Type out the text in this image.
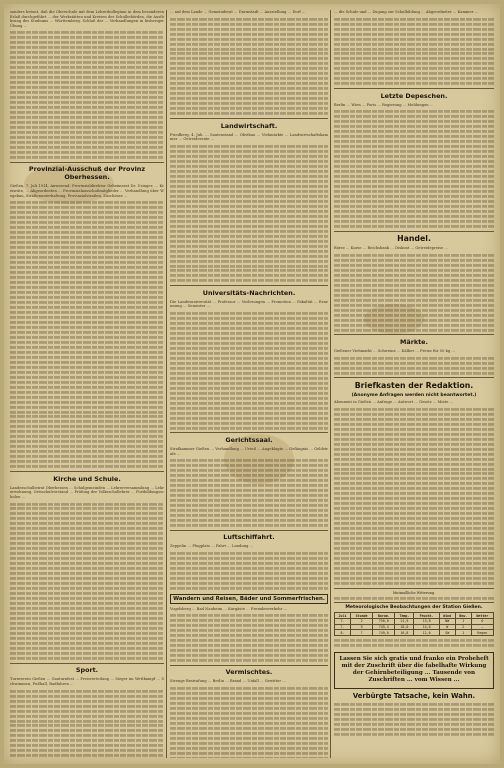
sonders betont, daß die Oberschule mit dem Lehrerkollegium in dem besonderen Erlaß durchgeführt ... der Werkstätten und Kreisen der Schulbehörden, die Ausführung des Studiums ... Württemberg. Schluß der ... Verhandlungen in bisheriger Übung ...

Provinzial-Ausschuß der Provinz Oberhessen.

Gießen, 7. Juli 1914. Anwesend: Provinzialdirektor Geheimerat Dr. Usinger, ... Kreisräte, ... Abgeordneten ... Provinzialausschußmitglieder ... Verhandlung über Wegebau, Straßenunterhaltung, Provinzialstraßen, Zuschüsse ...

Kirche und Schule.

Landesschulbeirat Oberhessen ... Schulgemeinden ... Lehrerversammlung ... Lehrerwohnung, Ortsschulvorstand ... Prüfung der Volksschullehrer ... Fortbildungsschulen ...

Sport.

Turnverein Gießen ... Gauturnfest ... Preisverteilung ... Sieger im Wettkampf ... Schwimmen, Fußball, Radfahren ...

... auf dem Lande ... Gemeinderat ... Darmstadt ... Ausstellung ... Dorf ...

Landwirtschaft.

Friedberg, 4. Juli. ... Saatenstand ... Obstbau ... Viehmärkte ... Landwirtschaftskammer ... Getreideernte ...

Universitäts-Nachrichten.

Die Landesuniversität ... Professor ... Vorlesungen ... Promotion ... Fakultät ... Ernennung ... Semester ...

Gerichtssaal.

Strafkammer Gießen ... Verhandlung ... Urteil ... Angeklagte ... Gefängnis ... Geldstrafe ...

Luftschiffahrt.

Zeppelin ... Flugplatz ... Fahrt ... Landung ...

Wandern und Reisen, Bäder und Sommerfrischen.

Vogelsberg ... Bad Nauheim ... Kurgäste ... Fremdenverkehr ...

Vermischtes.

Strenge Bestrafung ... Berlin ... Brand ... Unfall ... Gewitter ...

... die Schule und ... Zugang zur Schulbildung ... Abgeordneter ... Kammer ...

Letzte Depeschen.

Berlin ... Wien ... Paris ... Regierung ... Meldungen ...

Handel.

Börse ... Kurse ... Reichsbank ... Diskont ... Getreidepreise ...

Märkte.

Gießener Viehmarkt ... Schweine ... Kälber ... Preise für 50 kg ...

Briefkasten der Redaktion.
(Anonyme Anfragen werden nicht beantwortet.)

Abonnent in Gießen ... Anfrage ... Antwort ... Gesetz ... Miete ...

Mutmaßliche Witterung.
Meteorologische Beobachtungen der Station Gießen.
Juli	Stunde	Barom.	Temp.	Feucht.	Wind	Bew.	Wetter
7.	2	750,0	21,9	13,8	NW	1	0
7.	9	749,4	18,0	14,0	W	2	—
8.	7	749,0	16,8	12,6	SW	1	Regen
Lassen Sie sich gratis und franko ein Probeheft mit der Zuschrift über die fabelhafte Wirkung der Gehirnbeteiligung ... Tausende von Zuschriften ... vom Wissen ...
Verbürgte Tatsache, kein Wahn.
